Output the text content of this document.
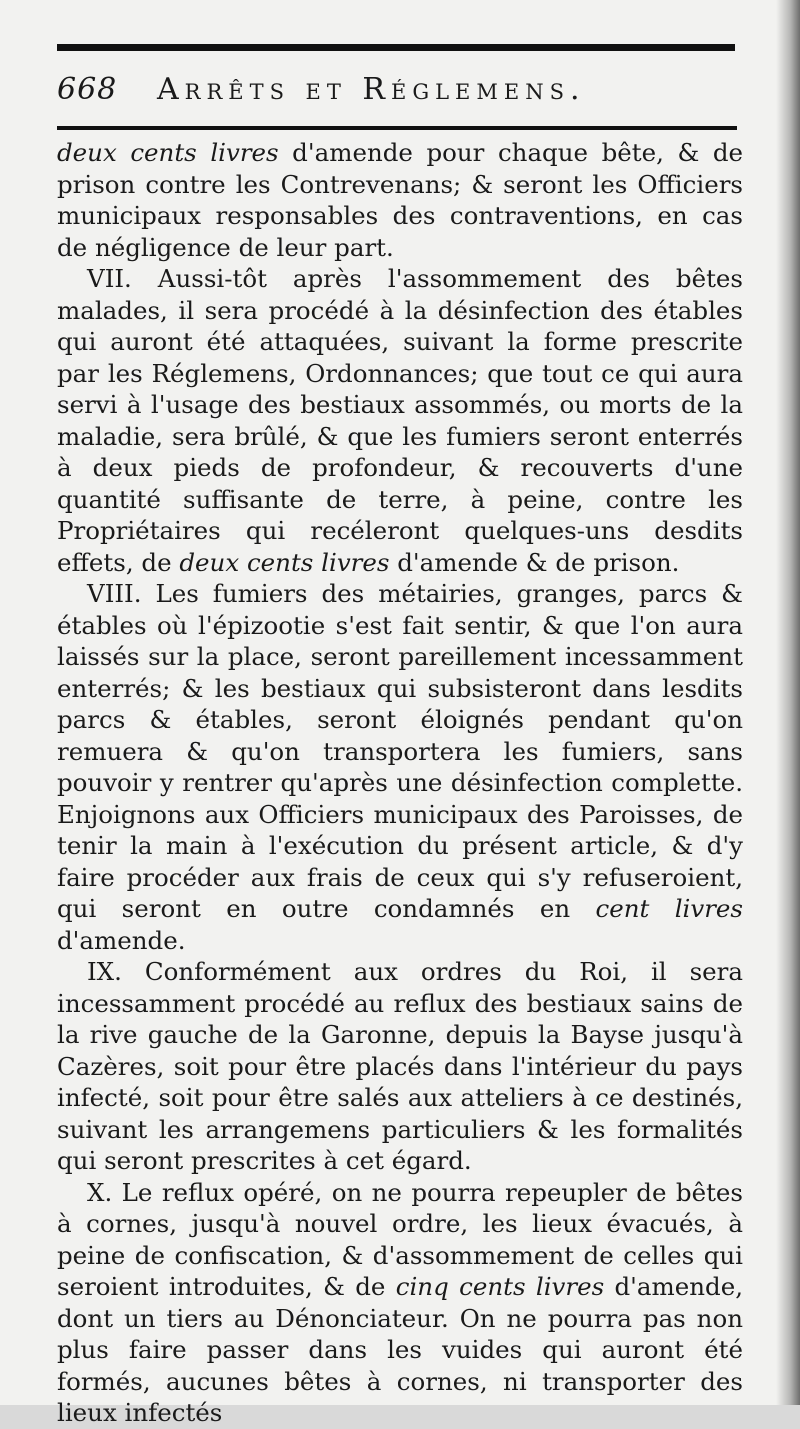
668 Arrêts et Réglemens.

deux cents livres d'amende pour chaque bête, & de prison contre les Contrevenans; & seront les Officiers municipaux responsables des contraventions, en cas de négligence de leur part.

VII. Aussi-tôt après l'assommement des bêtes malades, il sera procédé à la désinfection des étables qui auront été attaquées, suivant la forme prescrite par les Réglemens, Ordonnances; que tout ce qui aura servi à l'usage des bestiaux assommés, ou morts de la maladie, sera brûlé, & que les fumiers seront enterrés à deux pieds de profondeur, & recouverts d'une quantité suffisante de terre, à peine, contre les Propriétaires qui recéleront quelques-uns desdits effets, de deux cents livres d'amende & de prison.

VIII. Les fumiers des métairies, granges, parcs & étables où l'épizootie s'est fait sentir, & que l'on aura laissés sur la place, seront pareillement incessamment enterrés; & les bestiaux qui subsisteront dans lesdits parcs & étables, seront éloignés pendant qu'on remuera & qu'on transportera les fumiers, sans pouvoir y rentrer qu'après une désinfection complette. Enjoignons aux Officiers municipaux des Paroisses, de tenir la main à l'exécution du présent article, & d'y faire procéder aux frais de ceux qui s'y refuseroient, qui seront en outre condamnés en cent livres d'amende.

IX. Conformément aux ordres du Roi, il sera incessamment procédé au reflux des bestiaux sains de la rive gauche de la Garonne, depuis la Bayse jusqu'à Cazères, soit pour être placés dans l'intérieur du pays infecté, soit pour être salés aux atteliers à ce destinés, suivant les arrangemens particuliers & les formalités qui seront prescrites à cet égard.

X. Le reflux opéré, on ne pourra repeupler de bêtes à cornes, jusqu'à nouvel ordre, les lieux évacués, à peine de confiscation, & d'assommement de celles qui seroient introduites, & de cinq cents livres d'amende, dont un tiers au Dénonciateur. On ne pourra pas non plus faire passer dans les vuides qui auront été formés, aucunes bêtes à cornes, ni transporter des lieux infectés
